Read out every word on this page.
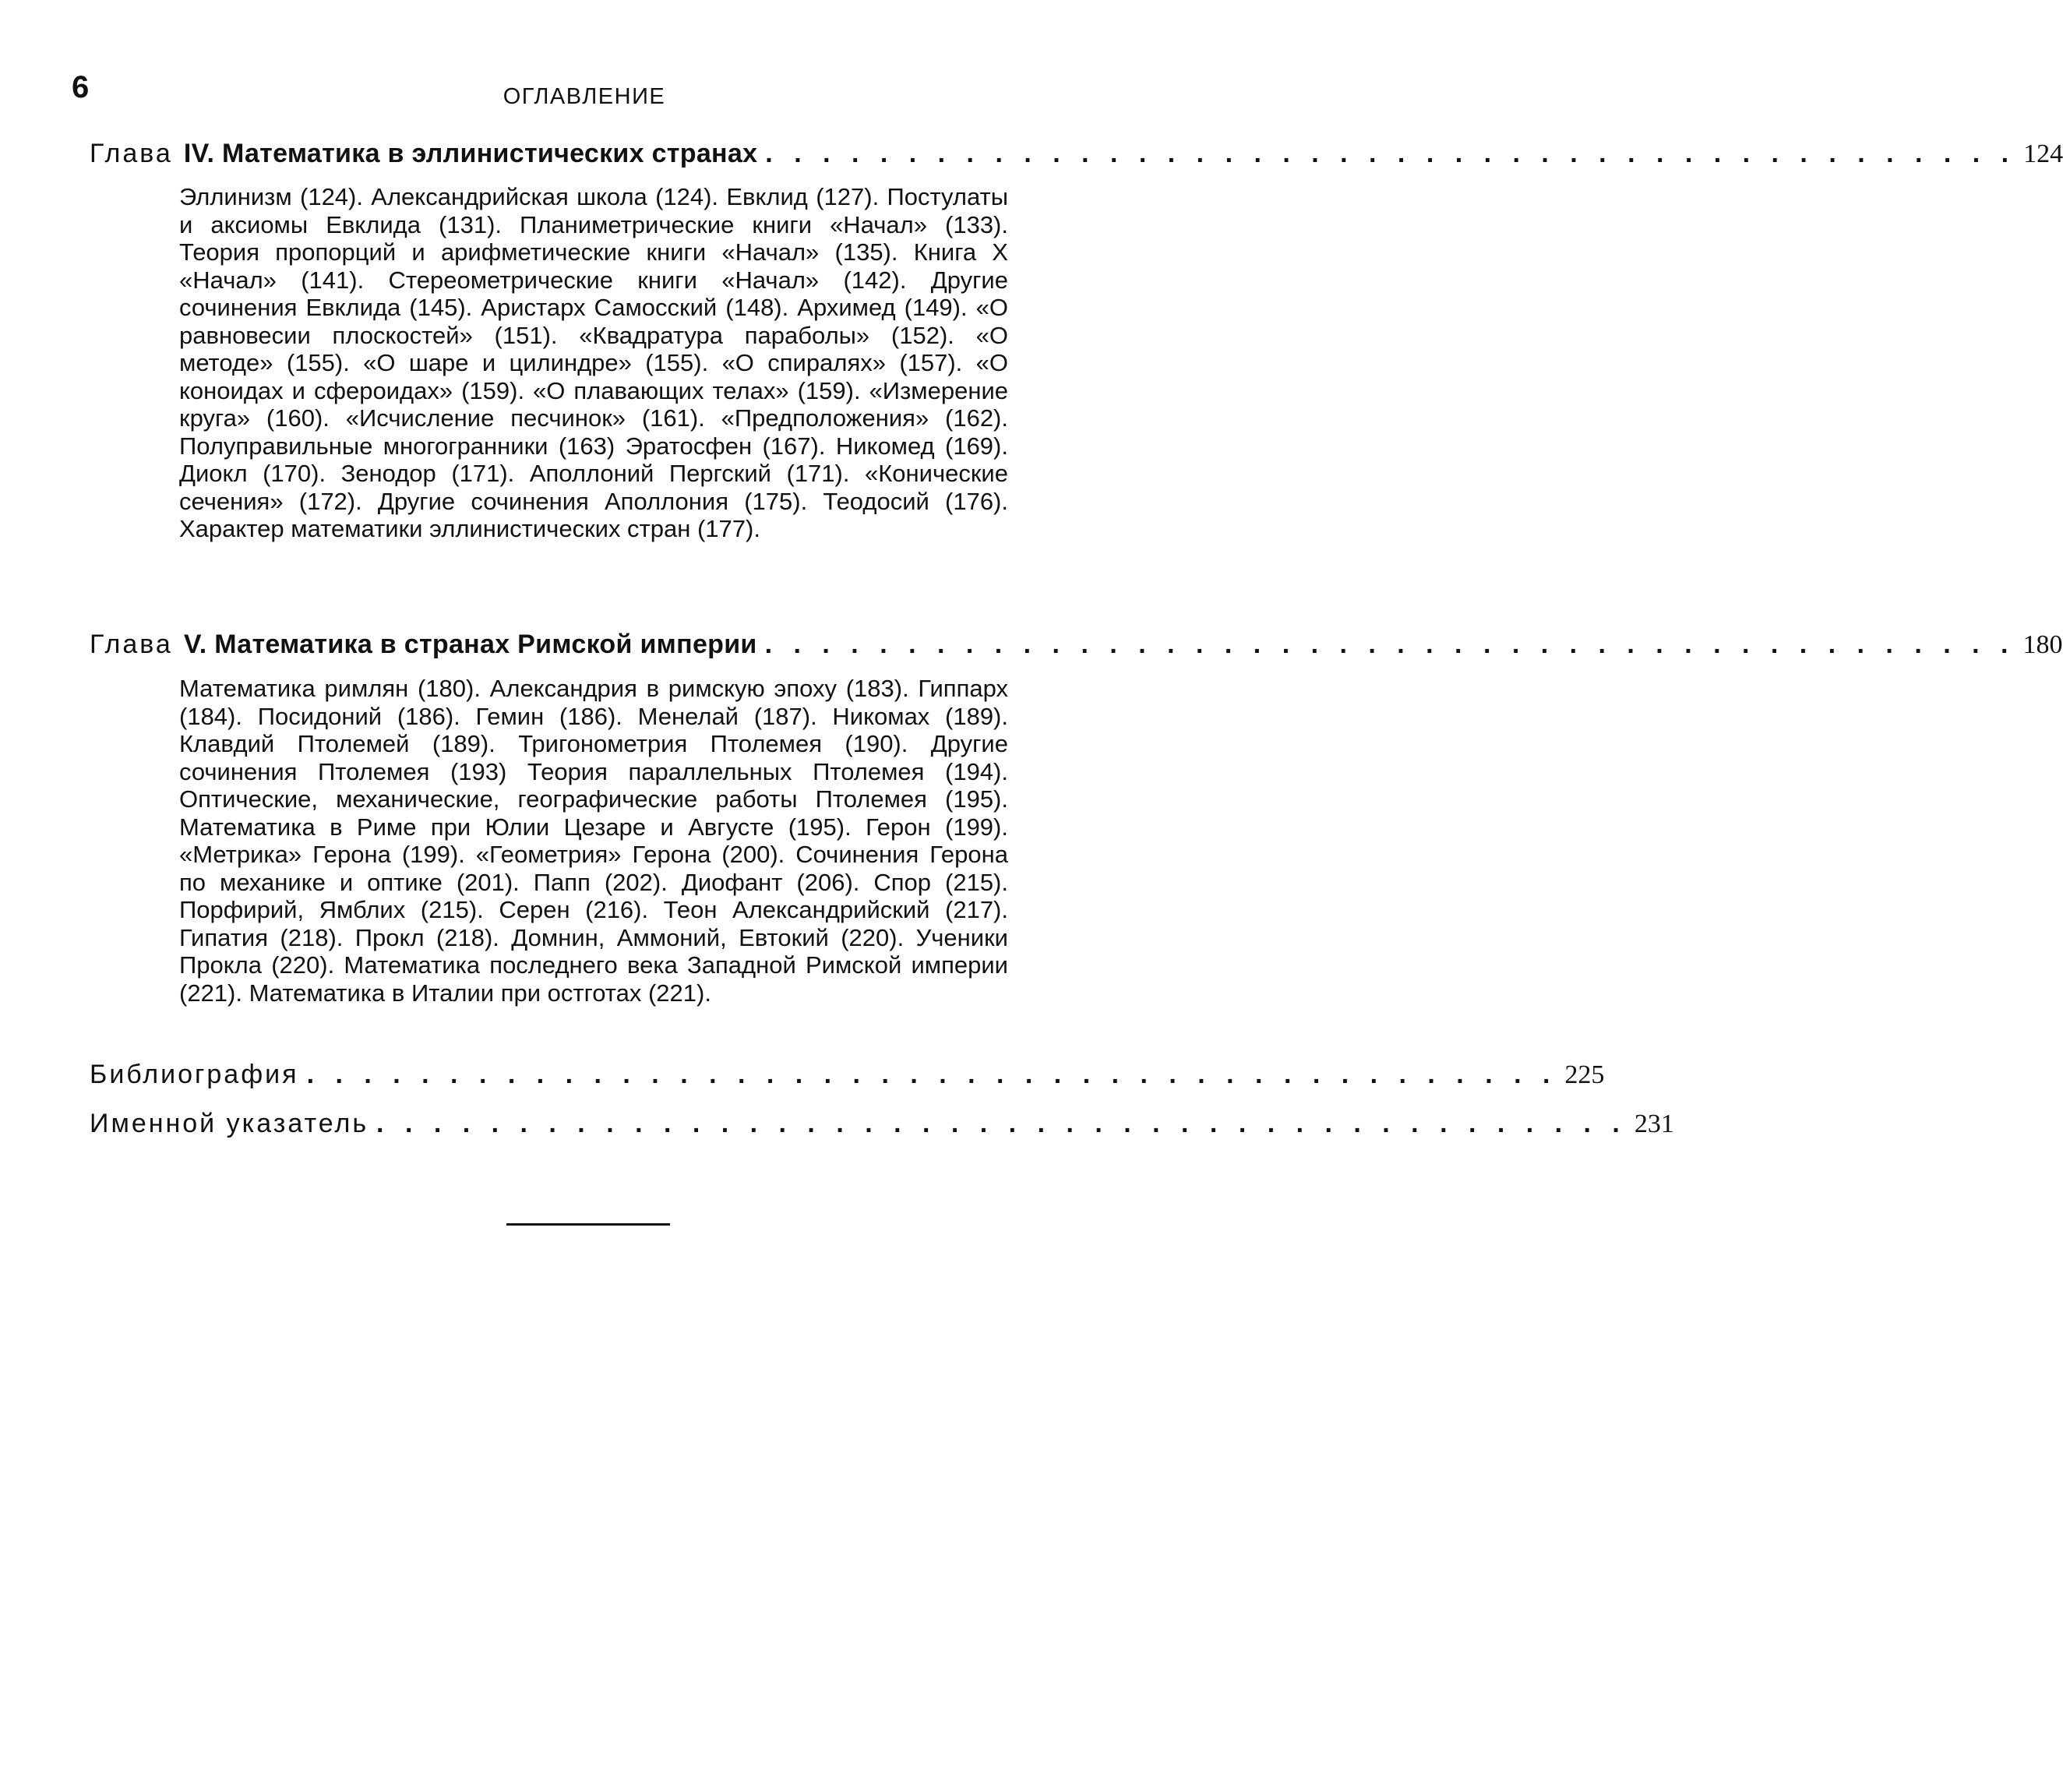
6	ОГЛАВЛЕНИЕ
Глава IV. Математика в эллинистических странах . . . . . . . . . . . . . . . . . . . . . . . . . . . . . . . . . . . . . . . . . . . . 124
Эллинизм (124). Александрийская школа (124). Евклид (127). Постулаты и аксиомы Евклида (131). Планиметрические книги «Начал» (133). Теория пропорций и арифметические книги «Начал» (135). Книга X «Начал» (141). Стереометрические книги «Начал» (142). Другие сочинения Евклида (145). Аристарх Самосский (148). Архимед (149). «О равновесии плоскостей» (151). «Квадратура параболы» (152). «О методе» (155). «О шаре и цилиндре» (155). «О спиралях» (157). «О коноидах и сфероидах» (159). «О плавающих телах» (159). «Измерение круга» (160). «Исчисление песчинок» (161). «Предположения» (162). Полуправильные многогранники (163) Эратосфен (167). Никомед (169). Диокл (170). Зенодор (171). Аполлоний Пергский (171). «Конические сечения» (172). Другие сочинения Аполлония (175). Теодосий (176). Характер математики эллинистических стран (177).
Глава V. Математика в странах Римской империи . . . . . . . . . . . . . . . . . . . . . . . . . . . . . . . . . . . . . . . . . . . . 180
Математика римлян (180). Александрия в римскую эпоху (183). Гиппарх (184). Посидоний (186). Гемин (186). Менелай (187). Никомах (189). Клавдий Птолемей (189). Тригонометрия Птолемея (190). Другие сочинения Птолемея (193) Теория параллельных Птолемея (194). Оптические, механические, географические работы Птолемея (195). Математика в Риме при Юлии Цезаре и Августе (195). Герон (199). «Метрика» Герона (199). «Геометрия» Герона (200). Сочинения Герона по механике и оптике (201). Папп (202). Диофант (206). Спор (215). Порфирий, Ямблих (215). Серен (216). Теон Александрийский (217). Гипатия (218). Прокл (218). Домнин, Аммоний, Евтокий (220). Ученики Прокла (220). Математика последнего века Западной Римской империи (221). Математика в Италии при остготах (221).
Библиография . . . . . . . . . . . . . . . . . . . . . . . . . . . . . . . . . . . . . . . . . . . . 225
Именной указатель . . . . . . . . . . . . . . . . . . . . . . . . . . . . . . . . . . . . . . . . . . . . 231
